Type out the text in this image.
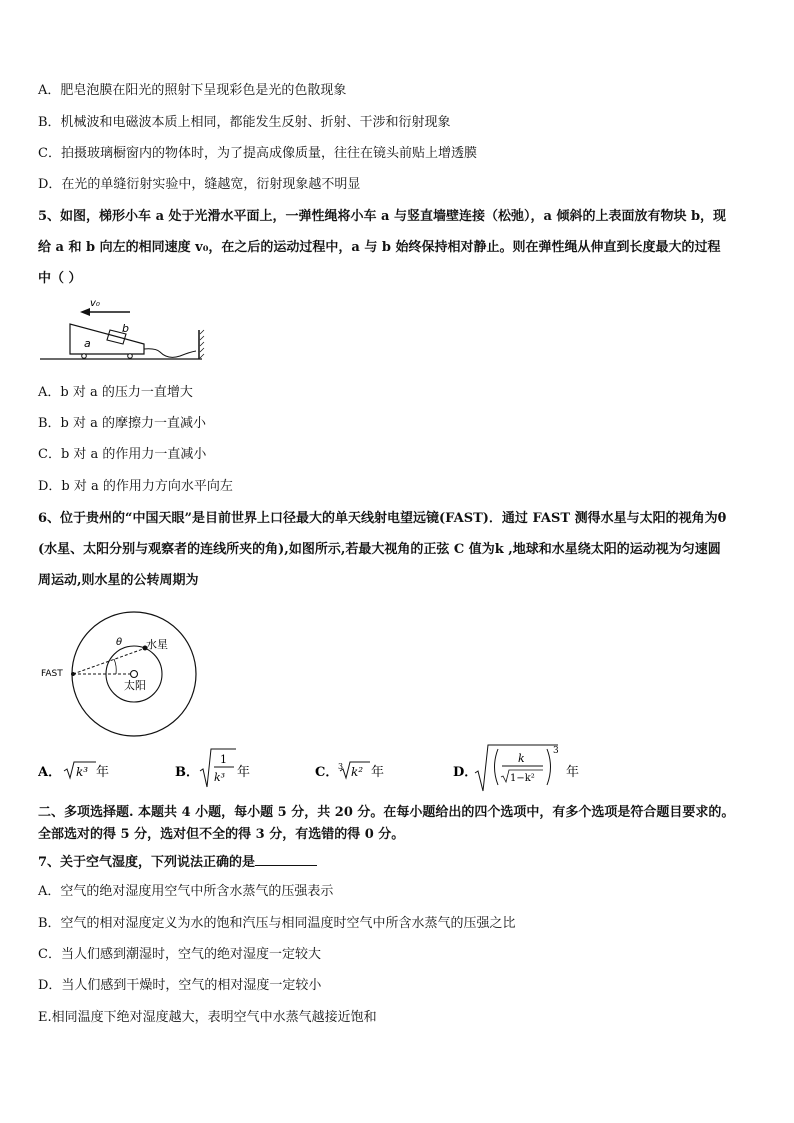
A．肥皂泡膜在阳光的照射下呈现彩色是光的色散现象
B．机械波和电磁波本质上相同，都能发生反射、折射、干涉和衍射现象
C．拍摄玻璃橱窗内的物体时，为了提高成像质量，往往在镜头前贴上增透膜
D．在光的单缝衍射实验中，缝越宽，衍射现象越不明显
5、如图，梯形小车 a 处于光滑水平面上，一弹性绳将小车 a 与竖直墙壁连接（松弛），a 倾斜的上表面放有物块 b，现
给 a 和 b 向左的相同速度 v₀，在之后的运动过程中，a 与 b 始终保持相对静止。则在弹性绳从伸直到长度最大的过程
中（ ）
v₀
a
b
A．b 对 a 的压力一直增大
B．b 对 a 的摩擦力一直减小
C．b 对 a 的作用力一直减小
D．b 对 a 的作用力方向水平向左
6、位于贵州的“中国天眼”是目前世界上口径最大的单天线射电望远镜(FAST)．通过 FAST 测得水星与太阳的视角为θ
(水星、太阳分别与观察者的连线所夹的角),如图所示,若最大视角的正弦 C 值为k ,地球和水星绕太阳的运动视为匀速圆
周运动,则水星的公转周期为
θ
FAST
水星
太阳
A． k³ 年	B．
1
k³ 年	C． 3 k² 年	D．
k
1−k²
3
年
二、多项选择题. 本题共 4 小题，每小题 5 分，共 20 分。在每小题给出的四个选项中，有多个选项是符合题目要求的。
全部选对的得 5 分，选对但不全的得 3 分，有选错的得 0 分。
7、关于空气湿度，下列说法正确的是
A．空气的绝对湿度用空气中所含水蒸气的压强表示
B．空气的相对湿度定义为水的饱和汽压与相同温度时空气中所含水蒸气的压强之比
C．当人们感到潮湿时，空气的绝对湿度一定较大
D．当人们感到干燥时，空气的相对湿度一定较小
E.相同温度下绝对湿度越大，表明空气中水蒸气越接近饱和
